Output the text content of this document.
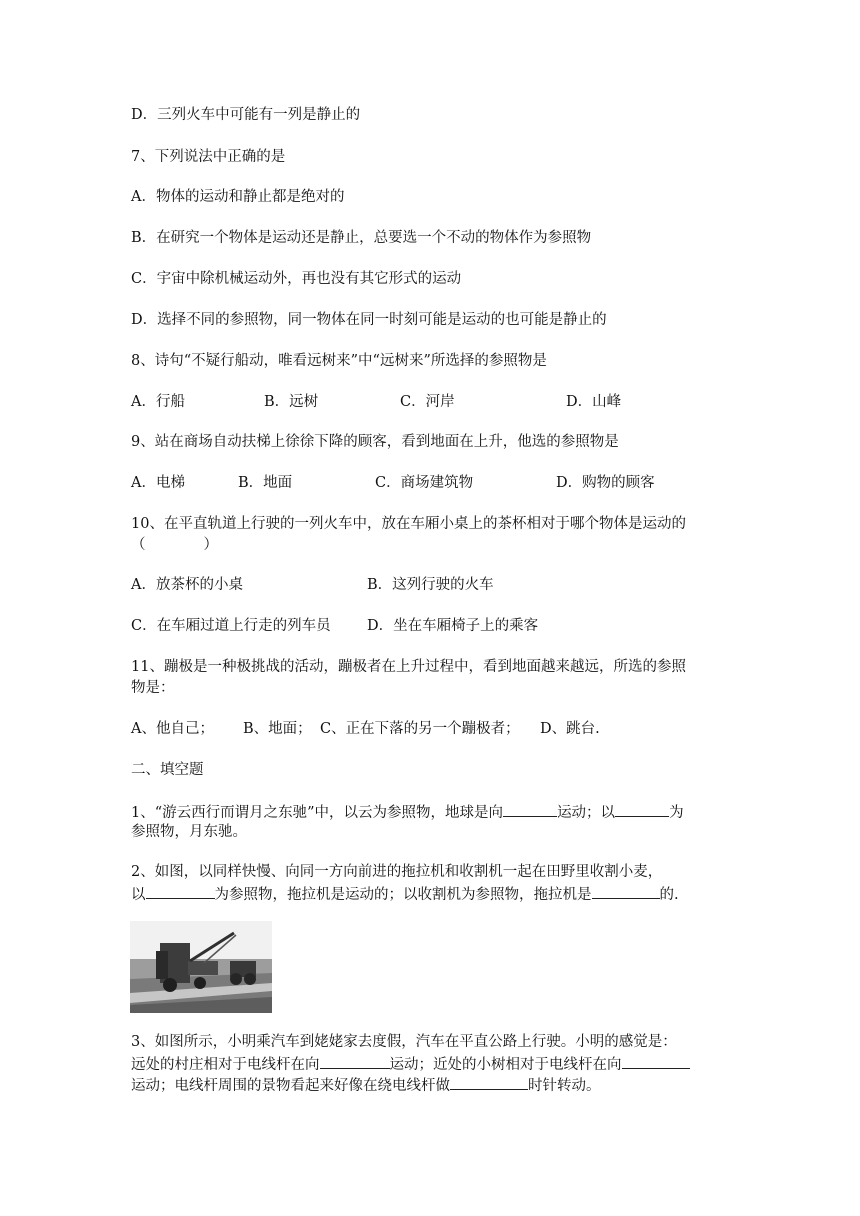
D．三列火车中可能有一列是静止的
7、下列说法中正确的是
A．物体的运动和静止都是绝对的
B．在研究一个物体是运动还是静止，总要选一个不动的物体作为参照物
C．宇宙中除机械运动外，再也没有其它形式的运动
D．选择不同的参照物，同一物体在同一时刻可能是运动的也可能是静止的
8、诗句“不疑行船动，唯看远树来”中“远树来”所选择的参照物是
A．行船	B．远树	C．河岸	D．山峰
9、站在商场自动扶梯上徐徐下降的顾客，看到地面在上升，他选的参照物是
A．电梯	B．地面	C．商场建筑物	D．购物的顾客
10、在平直轨道上行驶的一列火车中，放在车厢小桌上的茶杯相对于哪个物体是运动的
（　　　　）
A．放茶杯的小桌	B．这列行驶的火车
C．在车厢过道上行走的列车员	D．坐在车厢椅子上的乘客
11、蹦极是一种极挑战的活动，蹦极者在上升过程中，看到地面越来越远，所选的参照
物是：
A、他自己； B、地面； C、正在下落的另一个蹦极者； D、跳台.
二、填空题
1、“游云西行而谓月之东驰”中，以云为参照物，地球是向	运动；以	为
参照物，月东驰。
2、如图，以同样快慢、向同一方向前进的拖拉机和收割机一起在田野里收割小麦，
以	为参照物，拖拉机是运动的；以收割机为参照物，拖拉机是	的.
3、如图所示，小明乘汽车到姥姥家去度假，汽车在平直公路上行驶。小明的感觉是：
远处的村庄相对于电线杆在向	运动；近处的小树相对于电线杆在向
运动；电线杆周围的景物看起来好像在绕电线杆做	时针转动。
